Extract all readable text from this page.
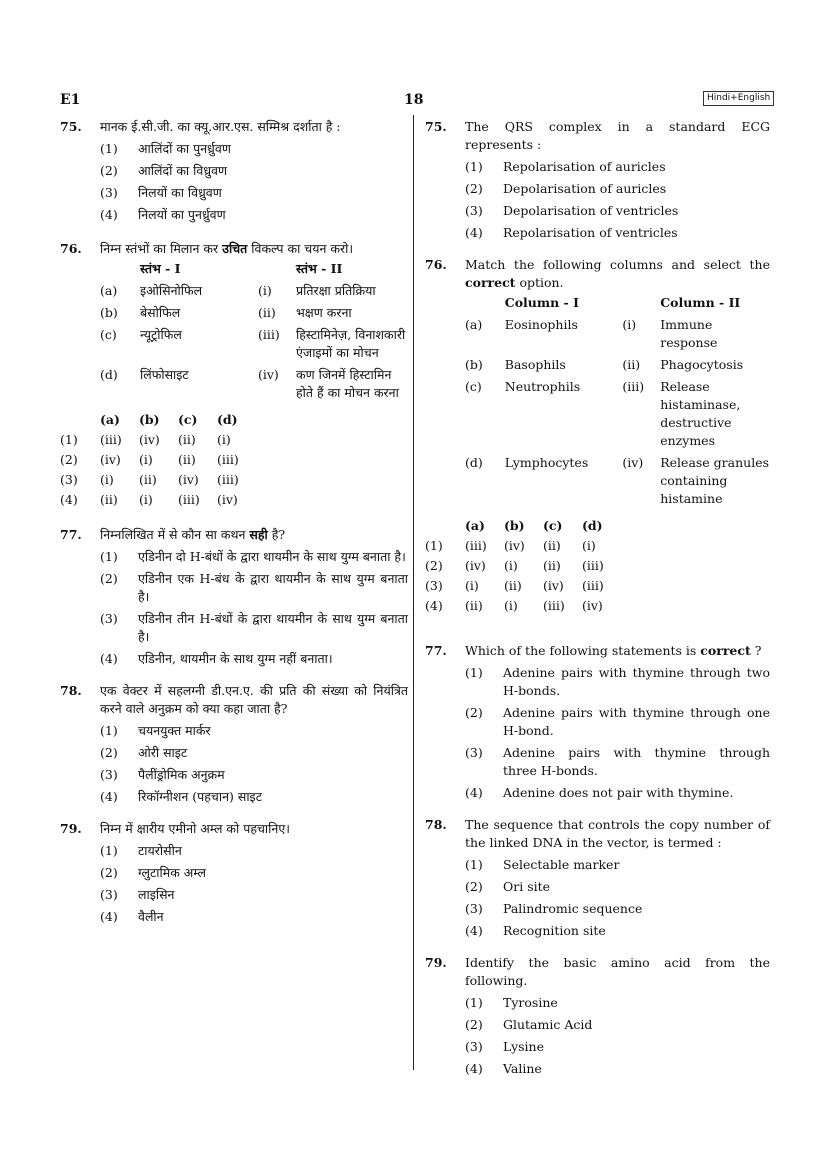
E1	18	Hindi+English
75.	मानक ई.सी.जी. का क्यू.आर.एस. सम्मिश्र दर्शाता है :
(1)	आलिंदों का पुनर्ध्रुवण
(2)	आलिंदों का विध्रुवण
(3)	निलयों का विध्रुवण
(4)	निलयों का पुनर्ध्रुवण
76.	निम्न स्तंभों का मिलान कर उचित विकल्प का चयन करो।
	स्तंभ - I		स्तंभ - II
(a)	इओसिनोफिल	(i)	प्रतिरक्षा प्रतिक्रिया
(b)	बेसोफिल	(ii)	भक्षण करना
(c)	न्यूट्रोफिल	(iii)	हिस्टामिनेज़, विनाशकारी एंजाइमों का मोचन
(d)	लिंफोसाइट	(iv)	कण जिनमें हिस्टामिन होते हैं का मोचन करना
	(a)	(b)	(c)	(d)
(1)	(iii)	(iv)	(ii)	(i)
(2)	(iv)	(i)	(ii)	(iii)
(3)	(i)	(ii)	(iv)	(iii)
(4)	(ii)	(i)	(iii)	(iv)
77.	निम्नलिखित में से कौन सा कथन सही है?
(1)	एडिनीन दो H-बंधों के द्वारा थायमीन के साथ युग्म बनाता है।
(2)	एडिनीन एक H-बंध के द्वारा थायमीन के साथ युग्म बनाता है।
(3)	एडिनीन तीन H-बंधों के द्वारा थायमीन के साथ युग्म बनाता है।
(4)	एडिनीन, थायमीन के साथ युग्म नहीं बनाता।
78.	एक वेक्टर में सहलग्नी डी.एन.ए. की प्रति की संख्या को नियंत्रित करने वाले अनुक्रम को क्या कहा जाता है?
(1)	चयनयुक्त मार्कर
(2)	ओरी साइट
(3)	पैलींड्रोमिक अनुक्रम
(4)	रिकॉग्नीशन (पहचान) साइट
79.	निम्न में क्षारीय एमीनो अम्ल को पहचानिए।
(1)	टायरोसीन
(2)	ग्लुटामिक अम्ल
(3)	लाइसिन
(4)	वैलीन
75.	The QRS complex in a standard ECG represents :
(1)	Repolarisation of auricles
(2)	Depolarisation of auricles
(3)	Depolarisation of ventricles
(4)	Repolarisation of ventricles
76.	Match the following columns and select the correct option.
	Column - I		Column - II
(a)	Eosinophils	(i)	Immune response
(b)	Basophils	(ii)	Phagocytosis
(c)	Neutrophils	(iii)	Release histaminase, destructive enzymes
(d)	Lymphocytes	(iv)	Release granules containing histamine
	(a)	(b)	(c)	(d)
(1)	(iii)	(iv)	(ii)	(i)
(2)	(iv)	(i)	(ii)	(iii)
(3)	(i)	(ii)	(iv)	(iii)
(4)	(ii)	(i)	(iii)	(iv)
77.	Which of the following statements is correct ?
(1)	Adenine pairs with thymine through two H-bonds.
(2)	Adenine pairs with thymine through one H-bond.
(3)	Adenine pairs with thymine through three H-bonds.
(4)	Adenine does not pair with thymine.
78.	The sequence that controls the copy number of the linked DNA in the vector, is termed :
(1)	Selectable marker
(2)	Ori site
(3)	Palindromic sequence
(4)	Recognition site
79.	Identify the basic amino acid from the following.
(1)	Tyrosine
(2)	Glutamic Acid
(3)	Lysine
(4)	Valine
